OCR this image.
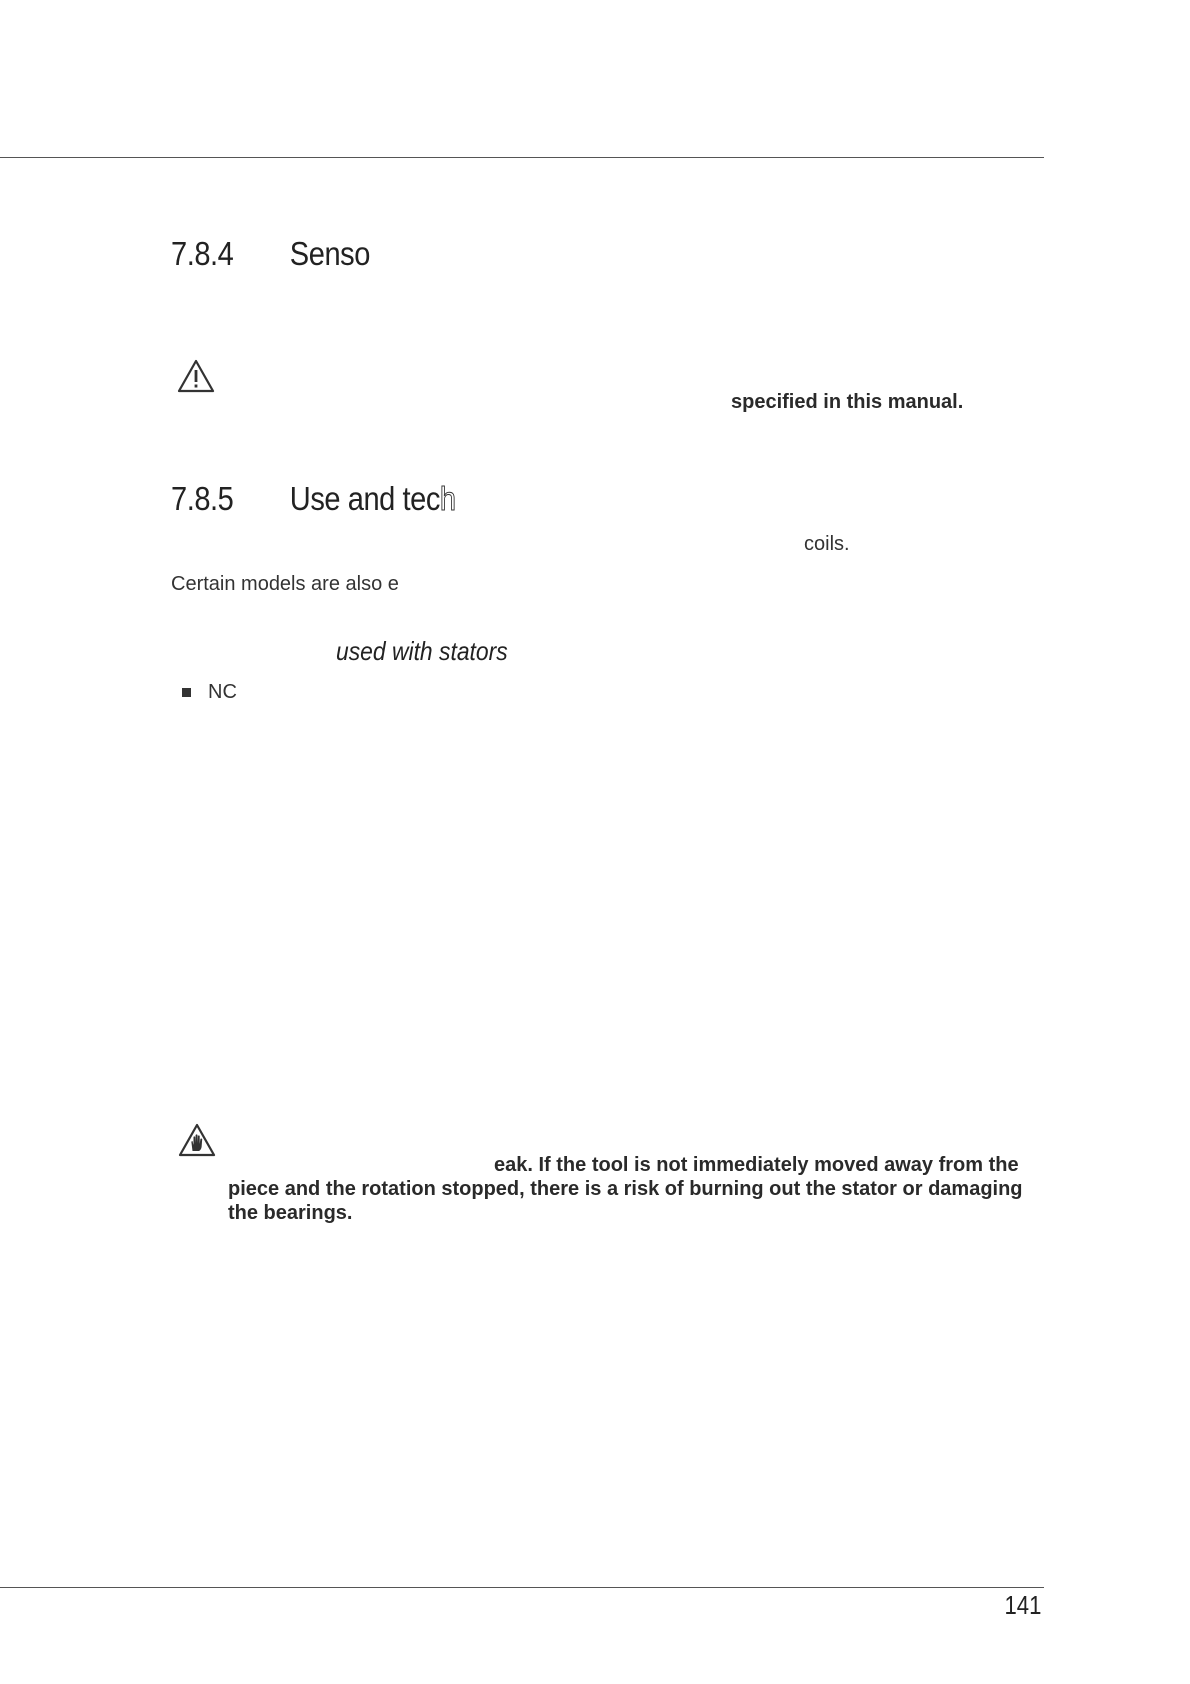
7.8.4 Senso
specified in this manual.
7.8.5 Use and tech
coils.
Certain models are also e
used with stators
NC
eak. If the tool is not immediately moved away from the
piece and the rotation stopped, there is a risk of burning out the stator or damaging
the bearings.
141
